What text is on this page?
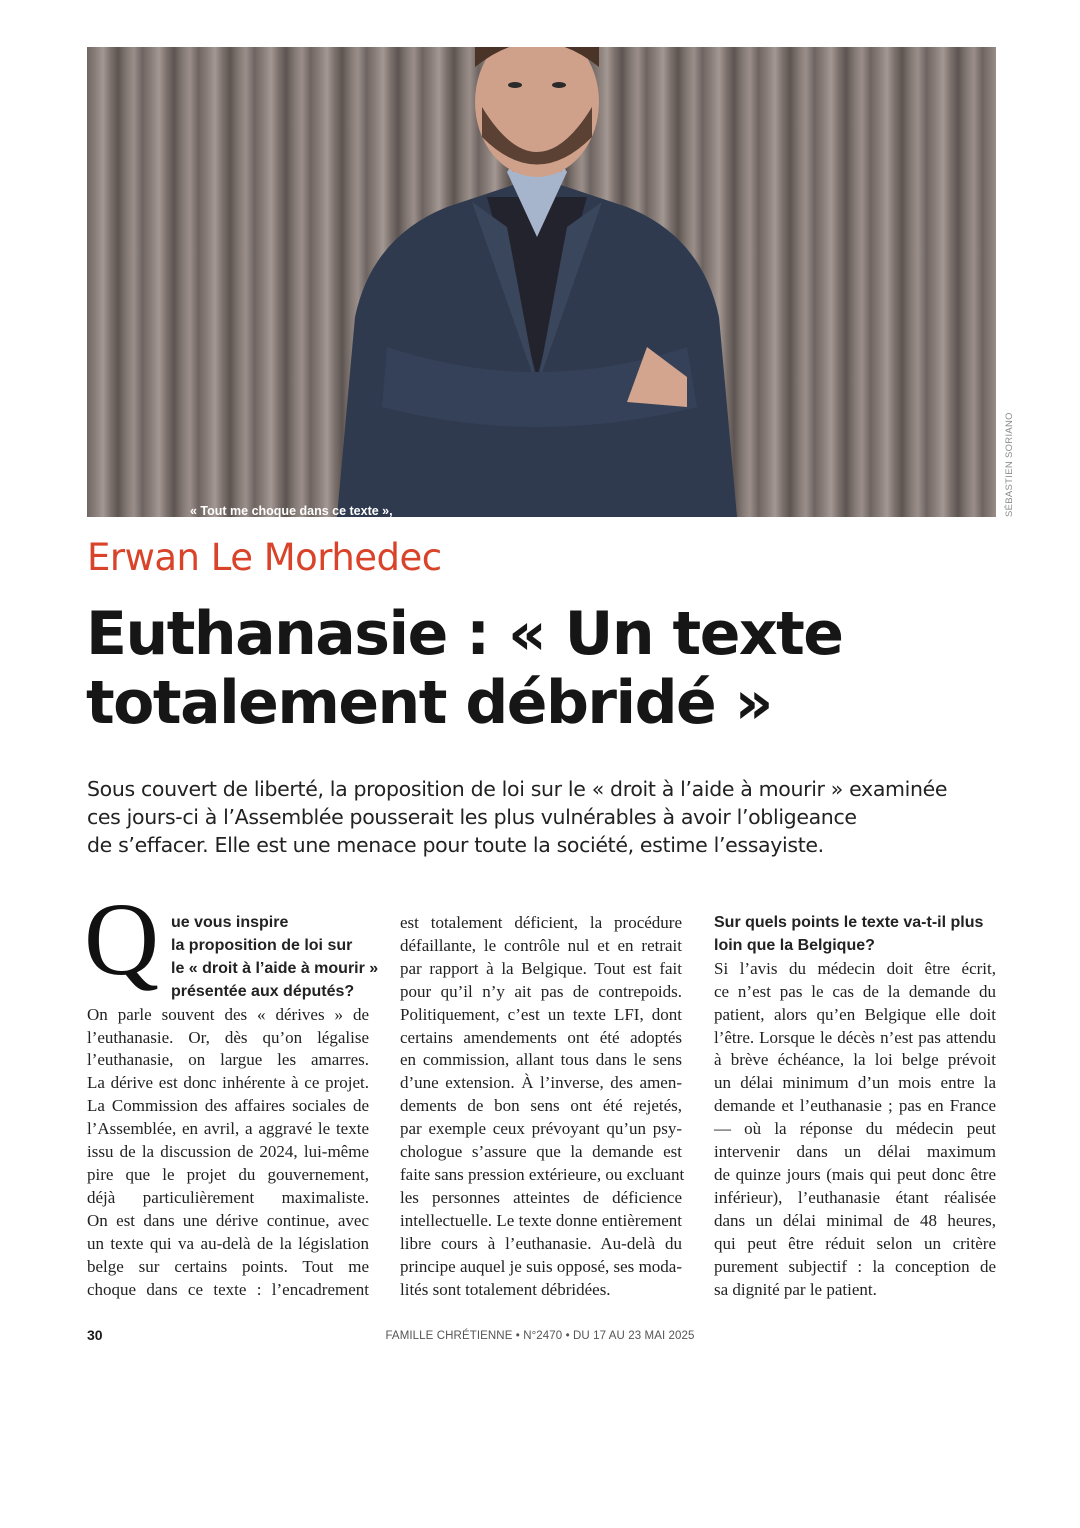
« Tout me choque dans ce texte »,	SÉBASTIEN SORIANO
Erwan Le Morhedec
Euthanasie : « Un texte
totalement débridé »
Sous couvert de liberté, la proposition de loi sur le « droit à l’aide à mourir » examinée
ces jours-ci à l’Assemblée pousserait les plus vulnérables à avoir l’obligeance
de s’effacer. Elle est une menace pour toute la société, estime l’essayiste.
Q ue vous inspire
la proposition de loi sur
le « droit à l’aide à mourir »
présentée aux députés?
On parle souvent des « dérives » de
l’euthanasie. Or, dès qu’on légalise
l’euthanasie, on largue les amarres.
La dérive est donc inhérente à ce projet.
La Commission des affaires sociales de
l’Assemblée, en avril, a aggravé le texte
issu de la discussion de 2024, lui-même
pire que le projet du gouvernement,
déjà particulièrement maximaliste.
On est dans une dérive continue, avec
un texte qui va au-delà de la législation
belge sur certains points. Tout me
choque dans ce texte : l’encadrement
est totalement déficient, la procédure
défaillante, le contrôle nul et en retrait
par rapport à la Belgique. Tout est fait
pour qu’il n’y ait pas de contrepoids.
Politiquement, c’est un texte LFI, dont
certains amendements ont été adoptés
en commission, allant tous dans le sens
d’une extension. À l’inverse, des amen-
dements de bon sens ont été rejetés,
par exemple ceux prévoyant qu’un psy-
chologue s’assure que la demande est
faite sans pression extérieure, ou excluant
les personnes atteintes de déficience
intellectuelle. Le texte donne entièrement
libre cours à l’euthanasie. Au-delà du
principe auquel je suis opposé, ses moda-
lités sont totalement débridées.
Sur quels points le texte va-t-il plus
loin que la Belgique?
Si l’avis du médecin doit être écrit,
ce n’est pas le cas de la demande du
patient, alors qu’en Belgique elle doit
l’être. Lorsque le décès n’est pas attendu
à brève échéance, la loi belge prévoit
un délai minimum d’un mois entre la
demande et l’euthanasie ; pas en France
— où la réponse du médecin peut
intervenir dans un délai maximum
de quinze jours (mais qui peut donc être
inférieur), l’euthanasie étant réalisée
dans un délai minimal de 48 heures,
qui peut être réduit selon un critère
purement subjectif : la conception de
sa dignité par le patient.
30	FAMILLE CHRÉTIENNE • N°2470 • DU 17 AU 23 MAI 2025
